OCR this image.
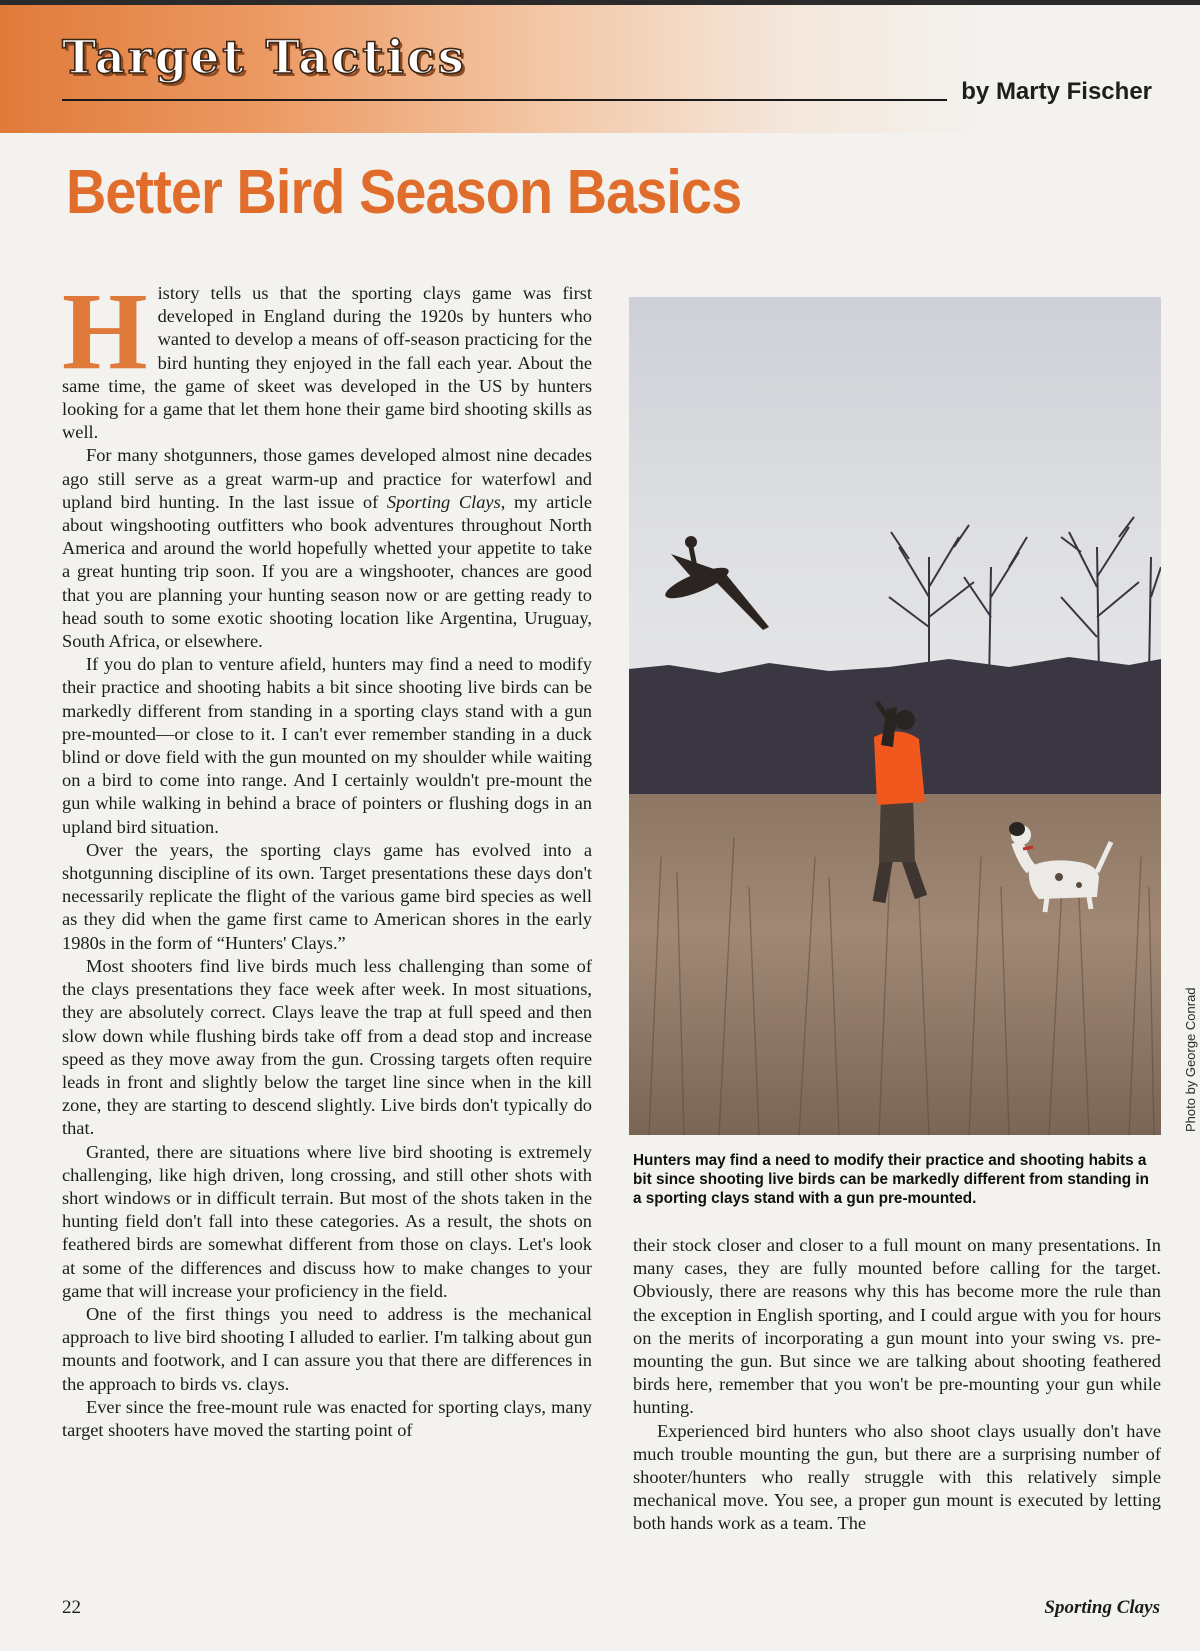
Target Tactics
by Marty Fischer
Better Bird Season Basics

History tells us that the sporting clays game was first developed in England during the 1920s by hunters who wanted to develop a means of off-season practicing for the bird hunting they enjoyed in the fall each year. About the same time, the game of skeet was developed in the US by hunters looking for a game that let them hone their game bird shooting skills as well.

For many shotgunners, those games developed almost nine decades ago still serve as a great warm-up and practice for waterfowl and upland bird hunting. In the last issue of Sporting Clays, my article about wingshooting outfitters who book adventures throughout North America and around the world hopefully whetted your appetite to take a great hunting trip soon. If you are a wingshooter, chances are good that you are planning your hunting season now or are getting ready to head south to some exotic shooting location like Argentina, Uruguay, South Africa, or elsewhere.

If you do plan to venture afield, hunters may find a need to modify their practice and shooting habits a bit since shooting live birds can be markedly different from standing in a sporting clays stand with a gun pre-mounted—or close to it. I can't ever remember standing in a duck blind or dove field with the gun mounted on my shoulder while waiting on a bird to come into range. And I certainly wouldn't pre-mount the gun while walking in behind a brace of pointers or flushing dogs in an upland bird situation.

Over the years, the sporting clays game has evolved into a shotgunning discipline of its own. Target presentations these days don't necessarily replicate the flight of the various game bird species as well as they did when the game first came to American shores in the early 1980s in the form of “Hunters' Clays.”

Most shooters find live birds much less challenging than some of the clays presentations they face week after week. In most situations, they are absolutely correct. Clays leave the trap at full speed and then slow down while flushing birds take off from a dead stop and increase speed as they move away from the gun. Crossing targets often require leads in front and slightly below the target line since when in the kill zone, they are starting to descend slightly. Live birds don't typically do that.

Granted, there are situations where live bird shooting is extremely challenging, like high driven, long crossing, and still other shots with short windows or in difficult terrain. But most of the shots taken in the hunting field don't fall into these categories. As a result, the shots on feathered birds are somewhat different from those on clays. Let's look at some of the differences and discuss how to make changes to your game that will increase your proficiency in the field.

One of the first things you need to address is the mechanical approach to live bird shooting I alluded to earlier. I'm talking about gun mounts and footwork, and I can assure you that there are differences in the approach to birds vs. clays.

Ever since the free-mount rule was enacted for sporting clays, many target shooters have moved the starting point of

Photo by George Conrad

Hunters may find a need to modify their practice and shooting habits a bit since shooting live birds can be markedly different from standing in a sporting clays stand with a gun pre-mounted.

their stock closer and closer to a full mount on many presentations. In many cases, they are fully mounted before calling for the target. Obviously, there are reasons why this has become more the rule than the exception in English sporting, and I could argue with you for hours on the merits of incorporating a gun mount into your swing vs. pre-mounting the gun. But since we are talking about shooting feathered birds here, remember that you won't be pre-mounting your gun while hunting.

Experienced bird hunters who also shoot clays usually don't have much trouble mounting the gun, but there are a surprising number of shooter/hunters who really struggle with this relatively simple mechanical move. You see, a proper gun mount is executed by letting both hands work as a team. The

22	Sporting Clays
